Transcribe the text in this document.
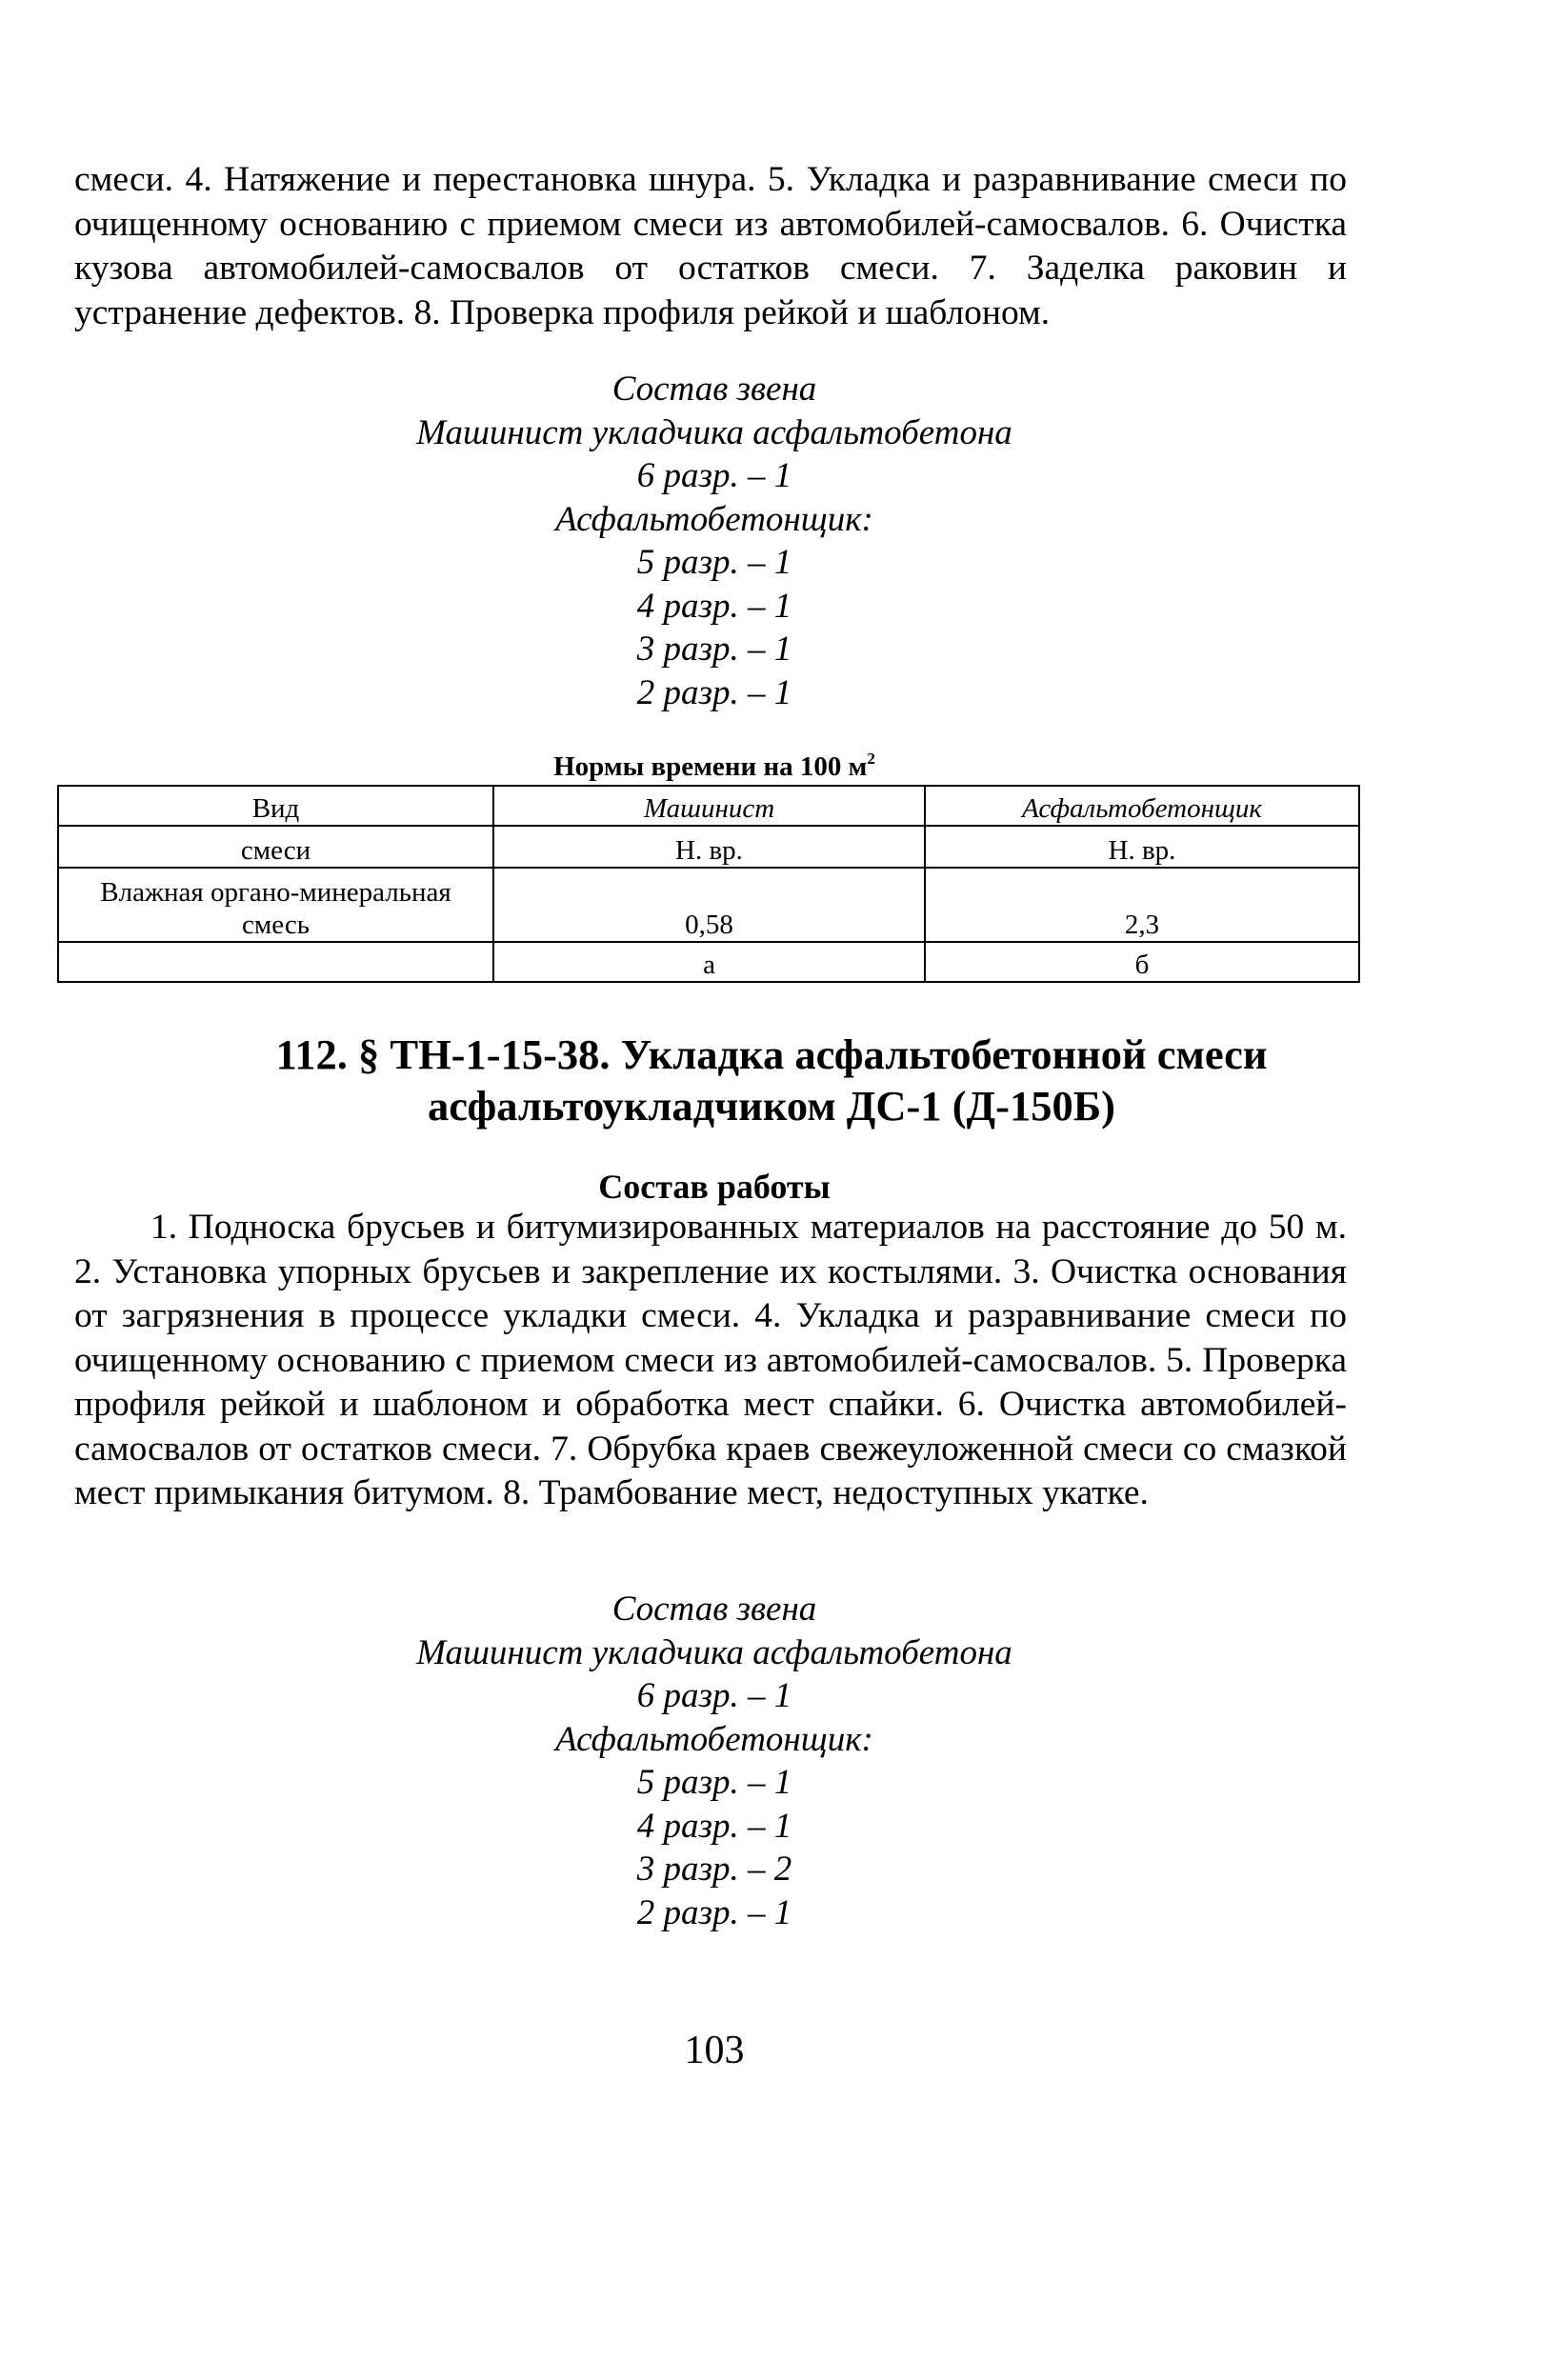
смеси. 4. Натяжение и перестановка шнура. 5. Укладка и разравнивание смеси по очищенному основанию с приемом смеси из автомобилей-самосвалов. 6. Очистка кузова автомобилей-самосвалов от остатков смеси. 7. Заделка раковин и устранение дефектов. 8. Проверка профиля рейкой и шаблоном.

Состав звена
Машинист укладчика асфальтобетона
6 разр. – 1
Асфальтобетонщик:
5 разр. – 1
4 разр. – 1
3 разр. – 1
2 разр. – 1
Нормы времени на 100 $м^2$
Вид	Машинист	Асфальтобетонщик
смеси	Н. вр.	Н. вр.

Влажная органо-минеральная
смесь	0,58	2,3
	а	б
112. § ТН-1-15-38. Укладка асфальтобетонной смеси
асфальтоукладчиком ДС-1 (Д-150Б)
Состав работы

1. Подноска брусьев и битумизированных материалов на расстояние до 50 м. 2. Установка упорных брусьев и закрепление их костылями. 3. Очистка основания от загрязнения в процессе укладки смеси. 4. Укладка и разравнивание смеси по очищенному основанию с приемом смеси из автомобилей-самосвалов. 5. Проверка профиля рейкой и шаблоном и обработка мест спайки. 6. Очистка автомобилей-самосвалов от остатков смеси. 7. Обрубка краев свежеуложенной смеси со смазкой мест примыкания битумом. 8. Трамбование мест, недоступных укатке.

Состав звена
Машинист укладчика асфальтобетона
6 разр. – 1
Асфальтобетонщик:
5 разр. – 1
4 разр. – 1
3 разр. – 2
2 разр. – 1
103
